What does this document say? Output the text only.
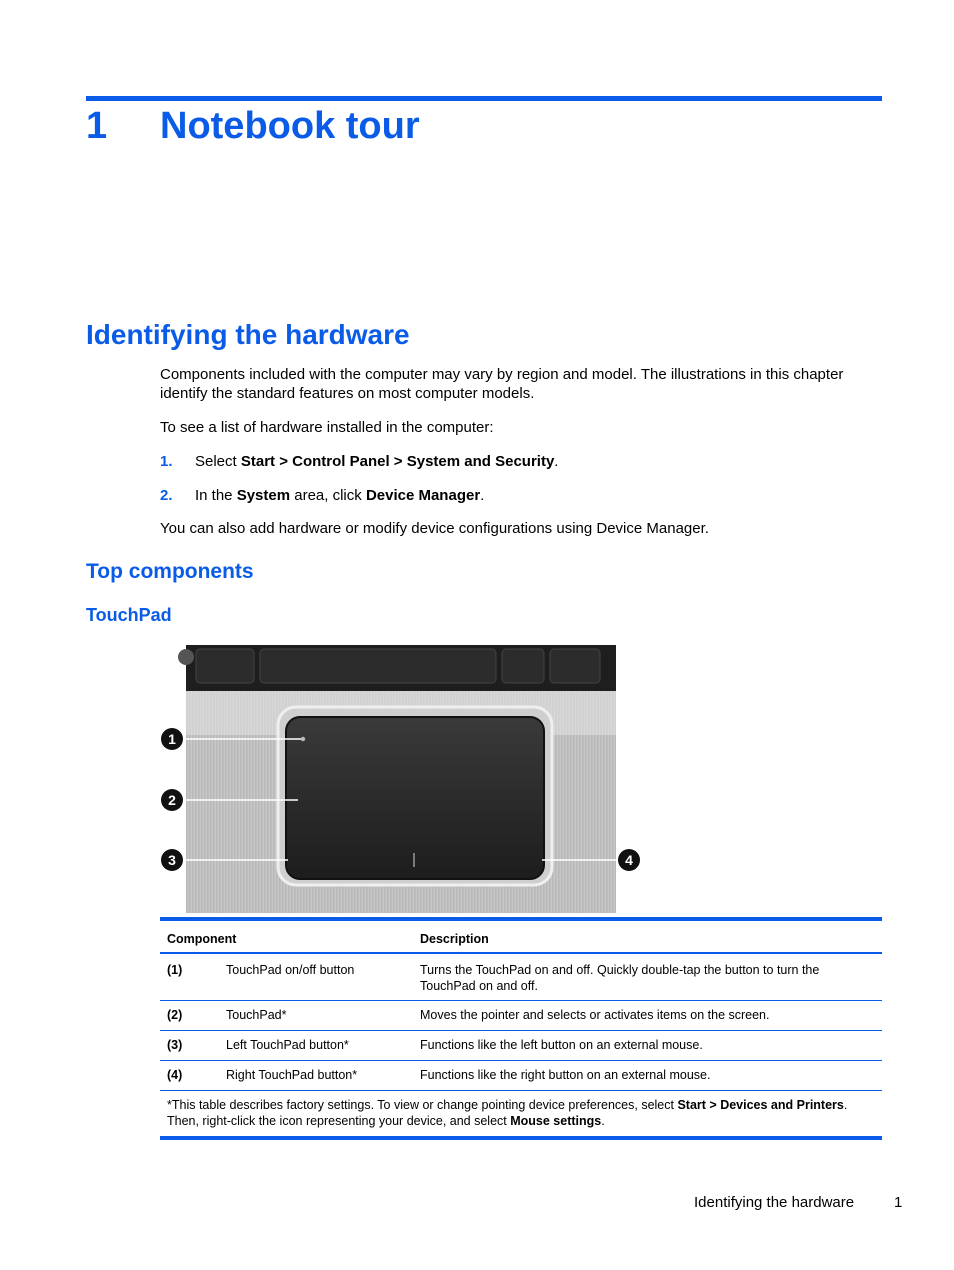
1 Notebook tour
Identifying the hardware
Components included with the computer may vary by region and model. The illustrations in this chapter identify the standard features on most computer models.
To see a list of hardware installed in the computer:
1. Select Start > Control Panel > System and Security.
2. In the System area, click Device Manager.
You can also add hardware or modify device configurations using Device Manager.
Top components
TouchPad
1
2
3	4
Component	Description
(1)	TouchPad on/off button	Turns the TouchPad on and off. Quickly double-tap the button to turn the TouchPad on and off.
(2)	TouchPad*	Moves the pointer and selects or activates items on the screen.
(3)	Left TouchPad button*	Functions like the left button on an external mouse.
(4)	Right TouchPad button*	Functions like the right button on an external mouse.
*This table describes factory settings. To view or change pointing device preferences, select Start > Devices and Printers. Then, right-click the icon representing your device, and select Mouse settings.
Identifying the hardware	1
